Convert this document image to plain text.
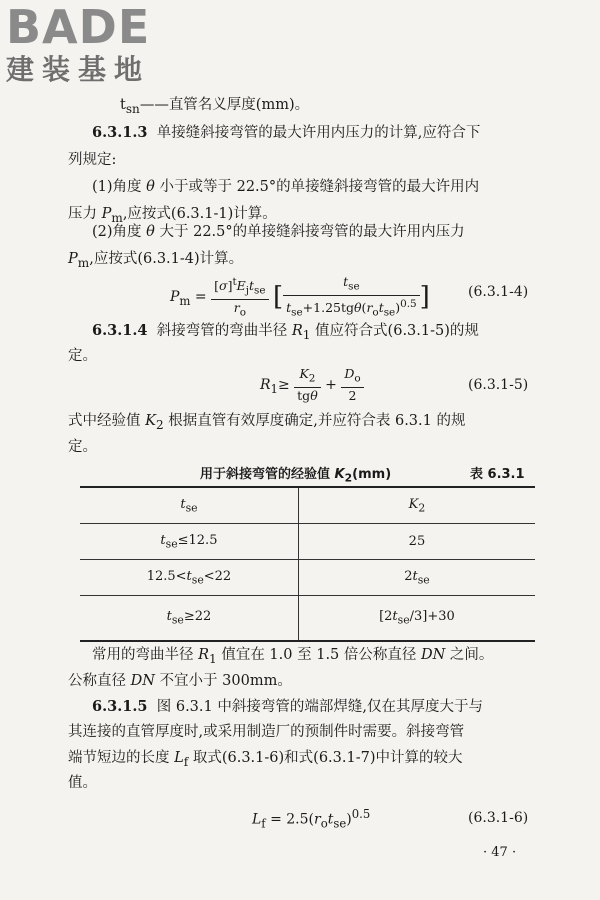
BADE
建装基地
$t_{sn}——$直管名义厚度(mm)。
6.3.1.3 单接缝斜接弯管的最大许用内压力的计算,应符合下
列规定:
(1)角度 θ 小于或等于 22.5°的单接缝斜接弯管的最大许用内
压力 $P_m$,应按式(6.3.1-1)计算。
(2)角度 θ 大于 22.5°的单接缝斜接弯管的最大许用内压力
$P_m$,应按式(6.3.1-4)计算。
$P_m = \frac{[\sigma]^tE_jt_{se}}{r_o}$ [ $\frac{t_{se}}{t_{se}+1.25tg\theta(r_ot_{se})^{0.5}}$ ]	(6.3.1-4)
6.3.1.4 斜接弯管的弯曲半径 $R_1$ 值应符合式(6.3.1-5)的规
定。
$R_1\ge \frac{K_2}{\text{tgθ}} + \frac{D_o}{2}$	(6.3.1-5)
式中经验值 $K_2$ 根据直管有效厚度确定,并应符合表 6.3.1 的规
定。
用于斜接弯管的经验值 $K_2(mm)$	表 6.3.1
$t_{se}$	$K_2$
$t_{se}\le 12.5$	25
$12.5<t_{se}<22$	$2t_{se}$
$t_{se}\ge 22$	$[2t_{se}/3]+30$
常用的弯曲半径 $R_1$ 值宜在 1.0 至 1.5 倍公称直径 DN 之间。
公称直径 DN 不宜小于 300mm。
6.3.1.5 图 6.3.1 中斜接弯管的端部焊缝,仅在其厚度大于与
其连接的直管厚度时,或采用制造厂的预制件时需要。斜接弯管
端节短边的长度 $L_f$ 取式(6.3.1-6)和式(6.3.1-7)中计算的较大
值。
$L_f = 2.5(r_ot_{se})^{0.5}$	(6.3.1-6)
· 47 ·
